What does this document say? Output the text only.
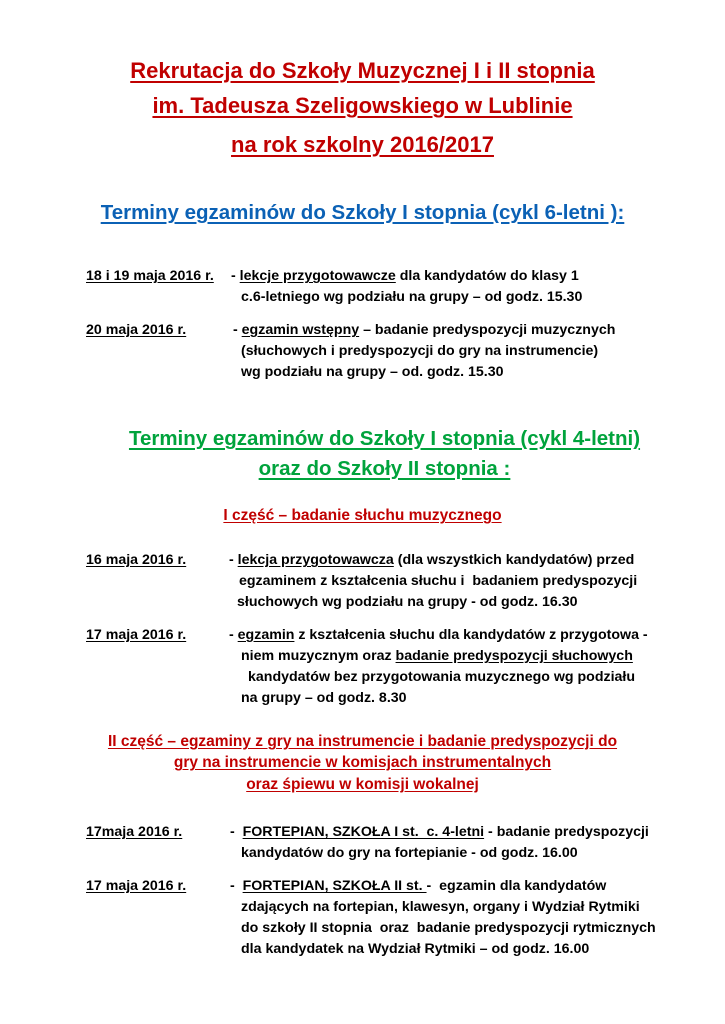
Rekrutacja do Szkoły Muzycznej I i II stopnia
im. Tadeusza Szeligowskiego w Lublinie
na rok szkolny 2016/2017
Terminy egzaminów do Szkoły I stopnia (cykl 6-letni ):
18 i 19 maja 2016 r. - lekcje przygotowawcze dla kandydatów do klasy 1
c.6-letniego wg podziału na grupy – od godz. 15.30
20 maja 2016 r.	- egzamin wstępny – badanie predyspozycji muzycznych
(słuchowych i predyspozycji do gry na instrumencie)
wg podziału na grupy – od. godz. 15.30
Terminy egzaminów do Szkoły I stopnia (cykl 4-letni)
oraz do Szkoły II stopnia :
I część – badanie słuchu muzycznego
16 maja 2016 r.	- lekcja przygotowawcza (dla wszystkich kandydatów) przed
egzaminem z kształcenia słuchu i  badaniem predyspozycji
słuchowych wg podziału na grupy - od godz. 16.30
17 maja 2016 r.	- egzamin z kształcenia słuchu dla kandydatów z przygotowa -
niem muzycznym oraz badanie predyspozycji słuchowych
kandydatów bez przygotowania muzycznego wg podziału
na grupy – od godz. 8.30
II część – egzaminy z gry na instrumencie i badanie predyspozycji do
gry na instrumencie w komisjach instrumentalnych
oraz śpiewu w komisji wokalnej
17maja 2016 r.	-  FORTEPIAN, SZKOŁA I st.  c. 4-letni - badanie predyspozycji
kandydatów do gry na fortepianie - od godz. 16.00
17 maja 2016 r.	-  FORTEPIAN, SZKOŁA II st. -  egzamin dla kandydatów
zdających na fortepian, klawesyn, organy i Wydział Rytmiki
do szkoły II stopnia  oraz  badanie predyspozycji rytmicznych
dla kandydatek na Wydział Rytmiki – od godz. 16.00
